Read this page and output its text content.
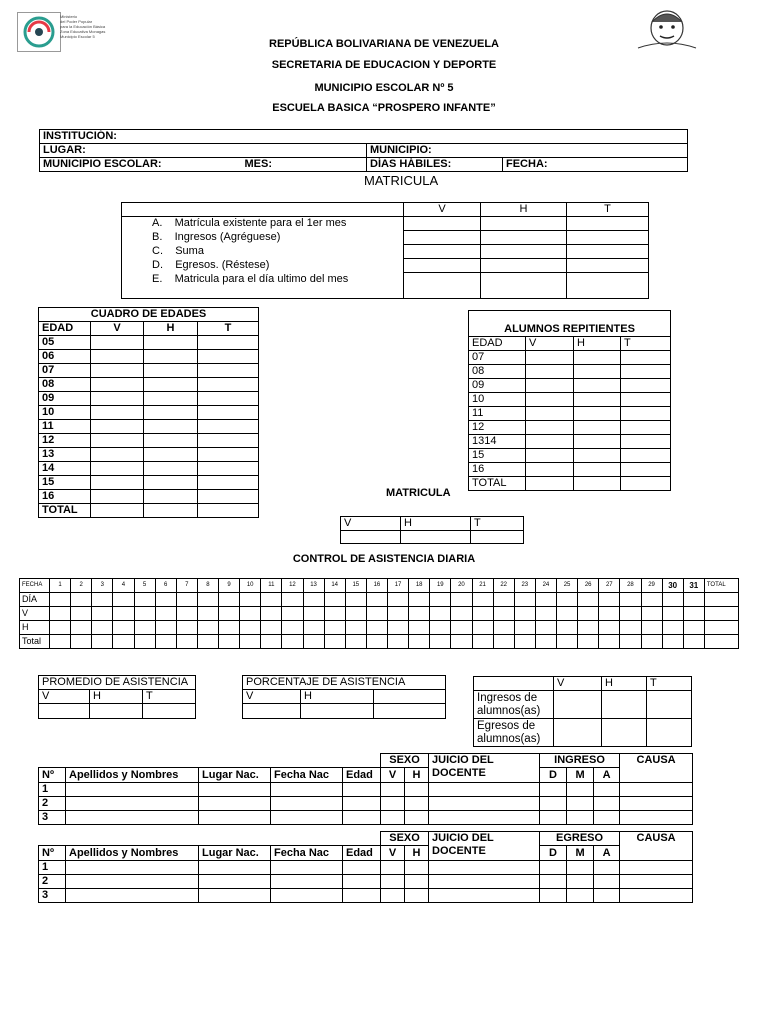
Ministerio
del Poder Popular
para la Educación Básica
Zona Educativa Monagas
Municipio Escolar 5
REPÚBLICA BOLIVARIANA DE VENEZUELA
SECRETARIA DE EDUCACION Y DEPORTE
MUNICIPIO ESCOLAR Nº 5
ESCUELA BASICA “PROSPERO INFANTE”
INSTITUCIÓN:			
LUGAR:		MUNICIPIO:	
MUNICIPIO ESCOLAR:	MES:	DÍAS HÁBILES:	FECHA:
MATRICULA
	V	H	T
A.    Matrícula existente para el 1er mes			
B.    Ingresos (Agréguese)			
C.    Suma			
D.    Egresos. (Réstese)			
E.    Matricula para el día ultimo del mes			
CUADRO DE EDADES			
EDAD	V	H	T
05			
06			
07			
08			
09			
10			
11			
12			
13			
14			
15			
16			
TOTAL			
ALUMNOS REPITIENTES			
EDAD	V	H	T
07			
08			
09			
10			
11			
12			
1314			
15			
16			
TOTAL			
MATRICULA
V	H	T

CONTROL DE ASISTENCIA DIARIA
FECHA	1	2	3	4	5	6	7	8	9	10	11	12	13	14	15	16	17	18	19	20	21	22	23	24	25	26	27	28	29	30	31	TOTAL
DÍA																																
V																																
H																																
Total																																
PROMEDIO DE ASISTENCIA		
V	H	T

PORCENTAJE DE ASISTENCIA		
V	H	

	V	H	T
Ingresos de alumnos(as)			
Egresos de alumnos(as)			
					SEXO		JUICIO DEL DOCENTE	INGRESO			CAUSA
Nº	Apellidos y Nombres	Lugar Nac.	Fecha Nac	Edad	V	H		D	M	A	
1											
2											
3											
					SEXO		JUICIO DEL DOCENTE	EGRESO			CAUSA
Nº	Apellidos y Nombres	Lugar Nac.	Fecha Nac	Edad	V	H		D	M	A	
1											
2											
3											
